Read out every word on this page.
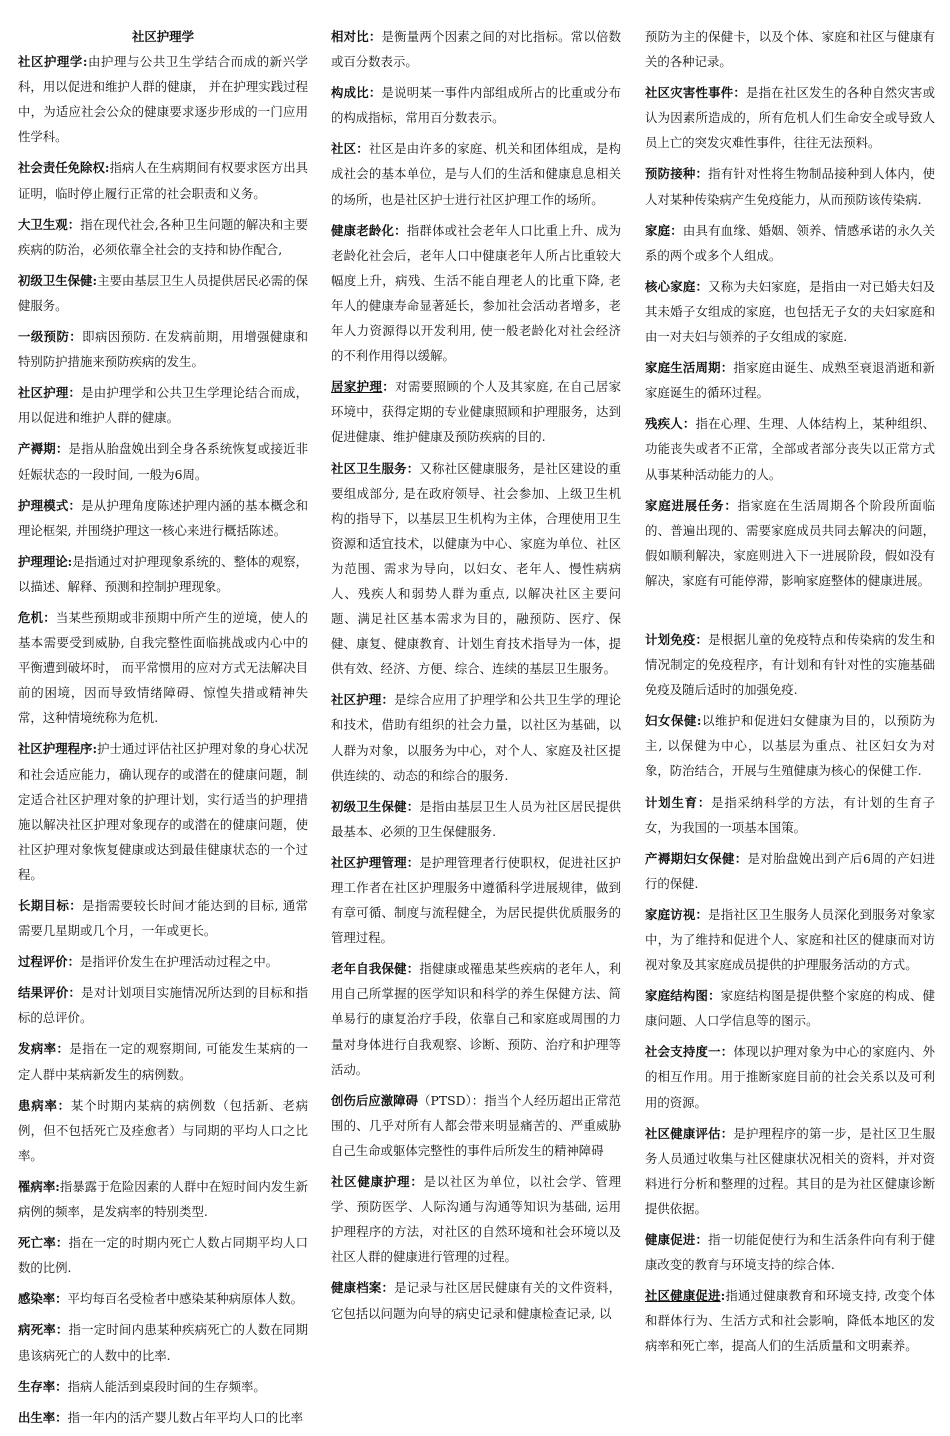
社区护理学

社区护理学:由护理与公共卫生学结合而成的新兴学科，用以促进和维护人群的健康， 并在护理实践过程中，为适应社会公众的健康要求逐步形成的一门应用性学科。

社会责任免除权:指病人在生病期间有权要求医方出具证明，临时停止履行正常的社会职责和义务。

大卫生观：指在现代社会,各种卫生问题的解决和主要疾病的防治，必须依靠全社会的支持和协作配合,

初级卫生保健:主要由基层卫生人员提供居民必需的保健服务。

一级预防：即病因预防. 在发病前期，用增强健康和特别防护措施来预防疾病的发生。

社区护理：是由护理学和公共卫生学理论结合而成，用以促进和维护人群的健康。

产褥期：是指从胎盘娩出到全身各系统恢复或接近非妊娠状态的一段时间, 一般为6周。

护理模式：是从护理角度陈述护理内涵的基本概念和理论框架, 并围绕护理这一核心来进行概括陈述。

护理理论:是指通过对护理现象系统的、整体的观察，以描述、解释、预测和控制护理现象。

危机：当某些预期或非预期中所产生的逆境，使人的基本需要受到威胁, 自我完整性面临挑战或内心中的平衡遭到破坏时， 而平常惯用的应对方式无法解决目前的困境，因而导致情绪障碍、惊惶失措或精神失常，这种情境统称为危机.

社区护理程序:护士通过评估社区护理对象的身心状况和社会适应能力，确认现存的或潜在的健康问题，制定适合社区护理对象的护理计划，实行适当的护理措施以解决社区护理对象现存的或潜在的健康问题，使社区护理对象恢复健康或达到最佳健康状态的一个过程。

长期目标：是指需要较长时间才能达到的目标, 通常需要几星期或几个月，一年或更长。

过程评价：是指评价发生在护理活动过程之中。

结果评价：是对计划项目实施情况所达到的目标和指标的总评价。

发病率：是指在一定的观察期间, 可能发生某病的一定人群中某病新发生的病例数。

患病率：某个时期内某病的病例数（包括新、老病例，但不包括死亡及痊愈者）与同期的平均人口之比率。

罹病率:指暴露于危险因素的人群中在短时间内发生新病例的频率，是发病率的特别类型.

死亡率：指在一定的时期内死亡人数占同期平均人口数的比例.

感染率：平均每百名受检者中感染某种病原体人数。

病死率：指一定时间内患某种疾病死亡的人数在同期患该病死亡的人数中的比率.

生存率：指病人能活到桌段时间的生存频率。

出生率：指一年内的活产婴儿数占年平均人口的比率

相对比：是衡量两个因素之间的对比指标。常以倍数或百分数表示。

构成比：是说明某一事件内部组成所占的比重或分布的构成指标，常用百分数表示。

社区：社区是由许多的家庭、机关和团体组成，是构成社会的基本单位，是与人们的生活和健康息息相关的场所，也是社区护士进行社区护理工作的场所。

健康老龄化：指群体或社会老年人口比重上升、成为老龄化社会后，老年人口中健康老年人所占比重较大幅度上升，病残、生活不能自理老人的比重下降, 老年人的健康寿命显著延长，参加社会活动者增多，老年人力资源得以开发利用, 使一般老龄化对社会经济的不利作用得以缓解。

居家护理：对需要照顾的个人及其家庭, 在自己居家环境中，获得定期的专业健康照顾和护理服务，达到促进健康、维护健康及预防疾病的目的.

社区卫生服务：又称社区健康服务，是社区建设的重要组成部分, 是在政府领导、社会参加、上级卫生机构的指导下，以基层卫生机构为主体，合理使用卫生资源和适宜技术，以健康为中心、家庭为单位、社区为范围、需求为导向，以妇女、老年人、慢性病病人、残疾人和弱势人群为重点, 以解决社区主要问题、满足社区基本需求为目的，融预防、医疗、保健、康复、健康教育、计划生育技术指导为一体，提供有效、经济、方便、综合、连续的基层卫生服务。

社区护理：是综合应用了护理学和公共卫生学的理论和技术，借助有组织的社会力量，以社区为基础，以人群为对象，以服务为中心，对个人、家庭及社区提供连续的、动态的和综合的服务.

初级卫生保健：是指由基层卫生人员为社区居民提供最基本、必须的卫生保健服务.

社区护理管理：是护理管理者行使职权，促进社区护理工作者在社区护理服务中遵循科学进展规律，做到有章可循、制度与流程健全，为居民提供优质服务的管理过程。

老年自我保健：指健康或罹患某些疾病的老年人，利用自己所掌握的医学知识和科学的养生保健方法、简单易行的康复治疗手段，依靠自己和家庭或周围的力量对身体进行自我观察、诊断、预防、治疗和护理等活动。

创伤后应激障碍（PTSD）：指当个人经历超出正常范围的、几乎对所有人都会带来明显痛苦的、严重威胁自己生命或躯体完整性的事件后所发生的精神障碍

社区健康护理：是以社区为单位，以社会学、管理学、预防医学、人际沟通与沟通等知识为基础, 运用护理程序的方法，对社区的自然环境和社会环境以及社区人群的健康进行管理的过程。

健康档案：是记录与社区居民健康有关的文件资料，它包括以问题为向导的病史记录和健康检查记录, 以

预防为主的保健卡，以及个体、家庭和社区与健康有关的各种记录。

社区灾害性事件：是指在社区发生的各种自然灾害或认为因素所造成的，所有危机人们生命安全或导致人员上亡的突发灾难性事件，往往无法预料。

预防接种：指有针对性将生物制品接种到人体内，使人对某种传染病产生免疫能力，从而预防该传染病.

家庭：由具有血缘、婚姻、领养、情感承诺的永久关系的两个或多个人组成。

核心家庭：又称为夫妇家庭，是指由一对已婚夫妇及其未婚子女组成的家庭，也包括无子女的夫妇家庭和由一对夫妇与领养的子女组成的家庭.

家庭生活周期：指家庭由诞生、成熟至衰退消逝和新家庭诞生的循环过程。

残疾人：指在心理、生理、人体结构上，某种组织、功能丧失或者不正常，全部或者部分丧失以正常方式从事某种活动能力的人。

家庭进展任务：指家庭在生活周期各个阶段所面临的、普遍出现的、需要家庭成员共同去解决的问题，假如顺利解决，家庭则进入下一进展阶段，假如没有解决，家庭有可能停滞，影响家庭整体的健康进展。

计划免疫：是根据儿童的免疫特点和传染病的发生和情况制定的免疫程序，有计划和有针对性的实施基础免疫及随后适时的加强免疫.

妇女保健:以维护和促进妇女健康为目的，以预防为主, 以保健为中心，以基层为重点、社区妇女为对象，防治结合，开展与生殖健康为核心的保健工作.

计划生育：是指采纳科学的方法，有计划的生育子女，为我国的一项基本国策。

产褥期妇女保健：是对胎盘娩出到产后6周的产妇进行的保健.

家庭访视：是指社区卫生服务人员深化到服务对象家中，为了维持和促进个人、家庭和社区的健康而对访视对象及其家庭成员提供的护理服务活动的方式。

家庭结构图：家庭结构图是提供整个家庭的构成、健康问题、人口学信息等的图示。

社会支持度一：体现以护理对象为中心的家庭内、外的相互作用。用于推断家庭目前的社会关系以及可利用的资源。

社区健康评估：是护理程序的第一步，是社区卫生服务人员通过收集与社区健康状况相关的资料，并对资料进行分析和整理的过程。其目的是为社区健康诊断提供依据。

健康促进：指一切能促使行为和生活条件向有利于健康改变的教育与环境支持的综合体.

社区健康促进:指通过健康教育和环境支持, 改变个体和群体行为、生活方式和社会影响，降低本地区的发病率和死亡率，提高人们的生活质量和文明素养。
